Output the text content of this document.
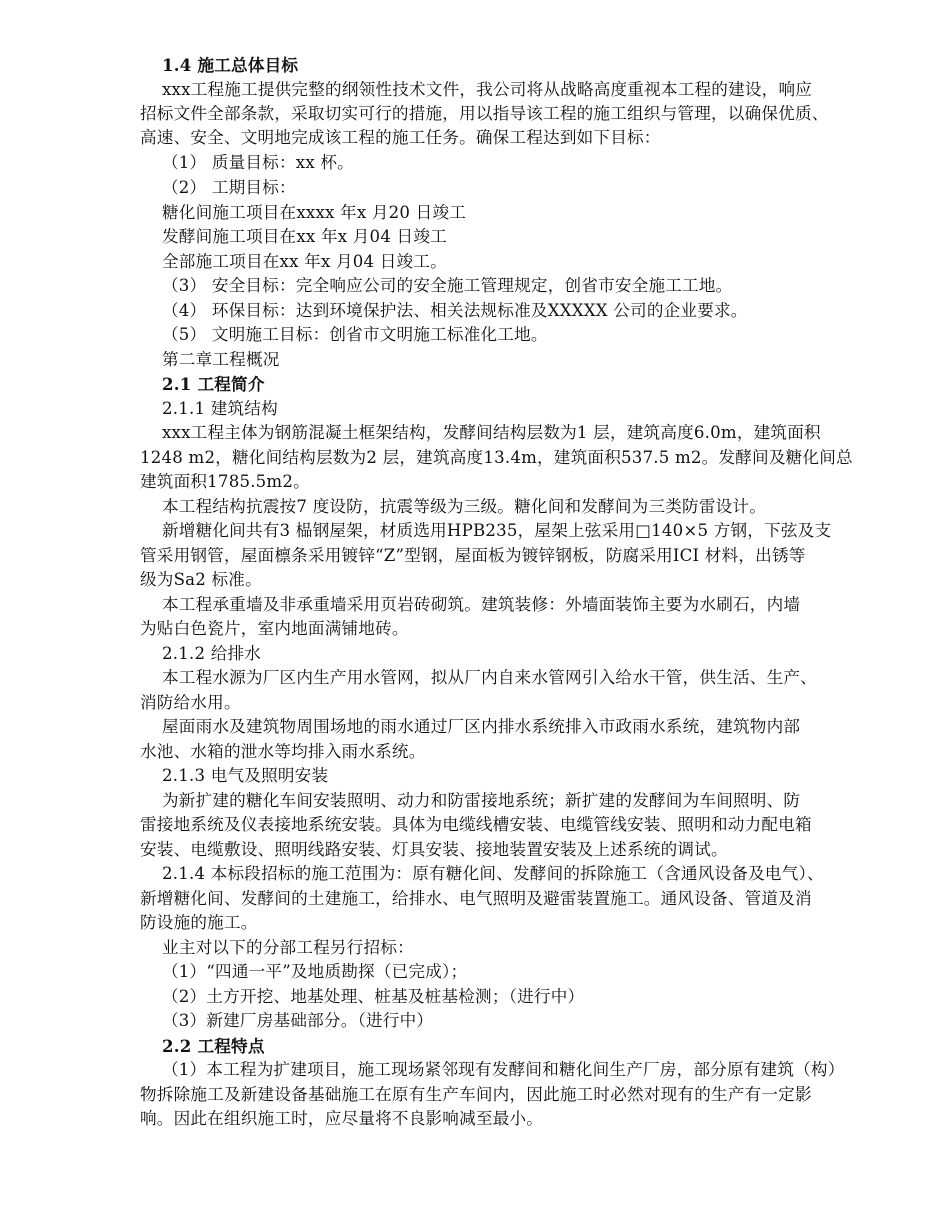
1.4 施工总体目标
xxx工程施工提供完整的纲领性技术文件，我公司将从战略高度重视本工程的建设，响应
招标文件全部条款，采取切实可行的措施，用以指导该工程的施工组织与管理，以确保优质、
高速、安全、文明地完成该工程的施工任务。确保工程达到如下目标：
（1） 质量目标：xx 杯。
（2） 工期目标：
糖化间施工项目在xxxx 年x 月20 日竣工
发酵间施工项目在xx 年x 月04 日竣工
全部施工项目在xx 年x 月04 日竣工。
（3） 安全目标：完全响应公司的安全施工管理规定，创省市安全施工工地。
（4） 环保目标：达到环境保护法、相关法规标准及XXXXX 公司的企业要求。
（5） 文明施工目标：创省市文明施工标准化工地。
第二章工程概况
2.1 工程简介
2.1.1 建筑结构
xxx工程主体为钢筋混凝土框架结构，发酵间结构层数为1 层，建筑高度6.0m，建筑面积
1248 m2，糖化间结构层数为2 层，建筑高度13.4m，建筑面积537.5 m2。发酵间及糖化间总
建筑面积1785.5m2。
本工程结构抗震按7 度设防，抗震等级为三级。糖化间和发酵间为三类防雷设计。
新增糖化间共有3 榀钢屋架，材质选用HPB235，屋架上弦采用□140×5 方钢，下弦及支
管采用钢管，屋面檩条采用镀锌“Z”型钢，屋面板为镀锌钢板，防腐采用ICI 材料，出锈等
级为Sa2 标准。
本工程承重墙及非承重墙采用页岩砖砌筑。建筑装修：外墙面装饰主要为水刷石，内墙
为贴白色瓷片，室内地面满铺地砖。
2.1.2 给排水
本工程水源为厂区内生产用水管网，拟从厂内自来水管网引入给水干管，供生活、生产、
消防给水用。
屋面雨水及建筑物周围场地的雨水通过厂区内排水系统排入市政雨水系统，建筑物内部
水池、水箱的泄水等均排入雨水系统。
2.1.3 电气及照明安装
为新扩建的糖化车间安装照明、动力和防雷接地系统；新扩建的发酵间为车间照明、防
雷接地系统及仪表接地系统安装。具体为电缆线槽安装、电缆管线安装、照明和动力配电箱
安装、电缆敷设、照明线路安装、灯具安装、接地装置安装及上述系统的调试。
2.1.4 本标段招标的施工范围为：原有糖化间、发酵间的拆除施工（含通风设备及电气）、
新增糖化间、发酵间的土建施工，给排水、电气照明及避雷装置施工。通风设备、管道及消
防设施的施工。
业主对以下的分部工程另行招标：
（1）“四通一平”及地质勘探（已完成）；
（2）土方开挖、地基处理、桩基及桩基检测；（进行中）
（3）新建厂房基础部分。（进行中）
2.2 工程特点
（1）本工程为扩建项目，施工现场紧邻现有发酵间和糖化间生产厂房，部分原有建筑（构）
物拆除施工及新建设备基础施工在原有生产车间内，因此施工时必然对现有的生产有一定影
响。因此在组织施工时，应尽量将不良影响减至最小。
